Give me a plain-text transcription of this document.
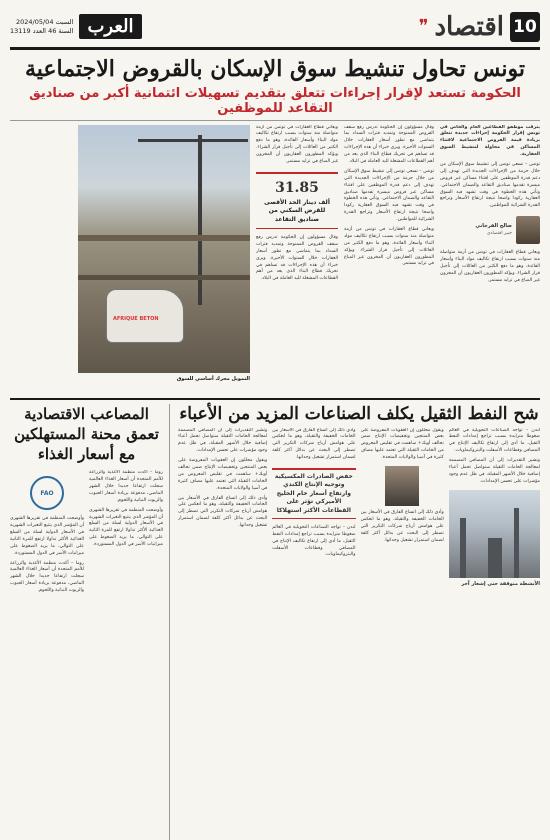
10
اقتصاد
❞
السبت 2024/05/04
السنة 46 العدد 13119 العرب
تونس تحاول تنشيط سوق الإسكان بالقروض الاجتماعية
الحكومة تستعد لإقرار إجراءات تتعلق بتقديم تسهيلات ائتمانية أكبر من صناديق التقاعد للموظفين

يترقب موظفو القطاعين العام والخاص في تونس إقرار الحكومة إجراءات جديدة تتعلق بزيادة قيمة القروض الاجتماعية لاقتناء المساكن في محاولة لتنشيط السوق العقارية.

تونس – تسعى تونس إلى تنشيط سوق الإسكان من خلال حزمة من الإجراءات الجديدة التي تهدف إلى دعم قدرة الموظفين على اقتناء مساكن عبر قروض ميسرة تقدمها صناديق التقاعد والضمان الاجتماعي. وتأتي هذه الخطوة في وقت تشهد فيه السوق العقارية ركودا واضحا نتيجة ارتفاع الأسعار وتراجع القدرة الشرائية للمواطنين.

صالح الفرجاني
خبير اقتصادي

ويعاني قطاع العقارات في تونس من أزمة متواصلة منذ سنوات بسبب ارتفاع تكاليف مواد البناء وأسعار الفائدة، وهو ما دفع الكثير من العائلات إلى تأجيل قرار الشراء. ويؤكد المطورون العقاريون أن المخزون غير المباع في تزايد مستمر.

وقال مسؤولون إن الحكومة تدرس رفع سقف القروض الممنوحة وتمديد فترات السداد بما يتماشى مع تطور أسعار العقارات خلال السنوات الأخيرة. ويرى خبراء أن هذه الإجراءات قد تساهم في تحريك قطاع البناء الذي يعد من أهم القطاعات المشغلة لليد العاملة في البلاد.

تونس – تسعى تونس إلى تنشيط سوق الإسكان من خلال حزمة من الإجراءات الجديدة التي تهدف إلى دعم قدرة الموظفين على اقتناء مساكن عبر قروض ميسرة تقدمها صناديق التقاعد والضمان الاجتماعي. وتأتي هذه الخطوة في وقت تشهد فيه السوق العقارية ركودا واضحا نتيجة ارتفاع الأسعار وتراجع القدرة الشرائية للمواطنين.

ويعاني قطاع العقارات في تونس من أزمة متواصلة منذ سنوات بسبب ارتفاع تكاليف مواد البناء وأسعار الفائدة، وهو ما دفع الكثير من العائلات إلى تأجيل قرار الشراء. ويؤكد المطورون العقاريون أن المخزون غير المباع في تزايد مستمر.

ويعاني قطاع العقارات في تونس من أزمة متواصلة منذ سنوات بسبب ارتفاع تكاليف مواد البناء وأسعار الفائدة، وهو ما دفع الكثير من العائلات إلى تأجيل قرار الشراء. ويؤكد المطورون العقاريون أن المخزون غير المباع في تزايد مستمر.

31.85
ألف دينار الحد الأقصى للقرض السكني من صناديق التقاعد

وقال مسؤولون إن الحكومة تدرس رفع سقف القروض الممنوحة وتمديد فترات السداد بما يتماشى مع تطور أسعار العقارات خلال السنوات الأخيرة. ويرى خبراء أن هذه الإجراءات قد تساهم في تحريك قطاع البناء الذي يعد من أهم القطاعات المشغلة لليد العاملة في البلاد.

AFRIQUE BETON
التمويل محرك أساسي للسوق
شح النفط الثقيل يكلف الصناعات المزيد من الأعباء

لندن – تواجه الصناعات التحويلية في العالم ضغوطا متزايدة بسبب تراجع إمدادات النفط الثقيل، ما أدى إلى ارتفاع تكاليف الإنتاج في المصافي وقطاعات الأسفلت والبتروكيماويات.

وتشير التقديرات إلى أن المصافي المصممة لمعالجة الخامات الثقيلة ستواصل تحمل أعباء إضافية خلال الأشهر المقبلة، في ظل عدم وجود مؤشرات على تحسن الإمدادات.

الأنشطة متوقفة حتى إشعار آخر

ويقول محللون إن العقوبات المفروضة على بعض المنتجين وتخفيضات الإنتاج ضمن تحالف أوبك+ ساهمت في تقليص المعروض من الخامات الثقيلة التي تعتمد عليها مصاف كثيرة في آسيا والولايات المتحدة.

وأدى ذلك إلى اتساع الفارق في الأسعار بين الخامات الخفيفة والثقيلة، وهو ما انعكس على هوامش أرباح شركات التكرير التي تضطر إلى البحث عن بدائل أكثر كلفة لضمان استمرار تشغيل وحداتها.

وأدى ذلك إلى اتساع الفارق في الأسعار بين الخامات الخفيفة والثقيلة، وهو ما انعكس على هوامش أرباح شركات التكرير التي تضطر إلى البحث عن بدائل أكثر كلفة لضمان استمرار تشغيل وحداتها.

خفض الصادرات المكسيكية وتوجيه الإنتاج الكندي وارتفاع أسعار خام الخليج الأميركي تؤثر على القطاعات الأكثر استهلاكا

لندن – تواجه الصناعات التحويلية في العالم ضغوطا متزايدة بسبب تراجع إمدادات النفط الثقيل، ما أدى إلى ارتفاع تكاليف الإنتاج في المصافي وقطاعات الأسفلت والبتروكيماويات.

وتشير التقديرات إلى أن المصافي المصممة لمعالجة الخامات الثقيلة ستواصل تحمل أعباء إضافية خلال الأشهر المقبلة، في ظل عدم وجود مؤشرات على تحسن الإمدادات.

ويقول محللون إن العقوبات المفروضة على بعض المنتجين وتخفيضات الإنتاج ضمن تحالف أوبك+ ساهمت في تقليص المعروض من الخامات الثقيلة التي تعتمد عليها مصاف كثيرة في آسيا والولايات المتحدة.

وأدى ذلك إلى اتساع الفارق في الأسعار بين الخامات الخفيفة والثقيلة، وهو ما انعكس على هوامش أرباح شركات التكرير التي تضطر إلى البحث عن بدائل أكثر كلفة لضمان استمرار تشغيل وحداتها.

المصاعب الاقتصادية تعمق محنة المستهلكين مع أسعار الغذاء

روما – أكدت منظمة الأغذية والزراعة للأمم المتحدة أن أسعار الغذاء العالمية سجلت ارتفاعا جديدا خلال الشهر الماضي، مدفوعة بزيادة أسعار الحبوب والزيوت النباتية واللحوم.

وأوضحت المنظمة في تقريرها الشهري أن المؤشر الذي يتتبع التغيرات الشهرية في الأسعار الدولية لسلة من السلع الغذائية الأكثر تداولا ارتفع للمرة الثانية على التوالي، ما يزيد الضغوط على ميزانيات الأسر في الدول المستوردة.

FAO

وأوضحت المنظمة في تقريرها الشهري أن المؤشر الذي يتتبع التغيرات الشهرية في الأسعار الدولية لسلة من السلع الغذائية الأكثر تداولا ارتفع للمرة الثانية على التوالي، ما يزيد الضغوط على ميزانيات الأسر في الدول المستوردة.

روما – أكدت منظمة الأغذية والزراعة للأمم المتحدة أن أسعار الغذاء العالمية سجلت ارتفاعا جديدا خلال الشهر الماضي، مدفوعة بزيادة أسعار الحبوب والزيوت النباتية واللحوم.
